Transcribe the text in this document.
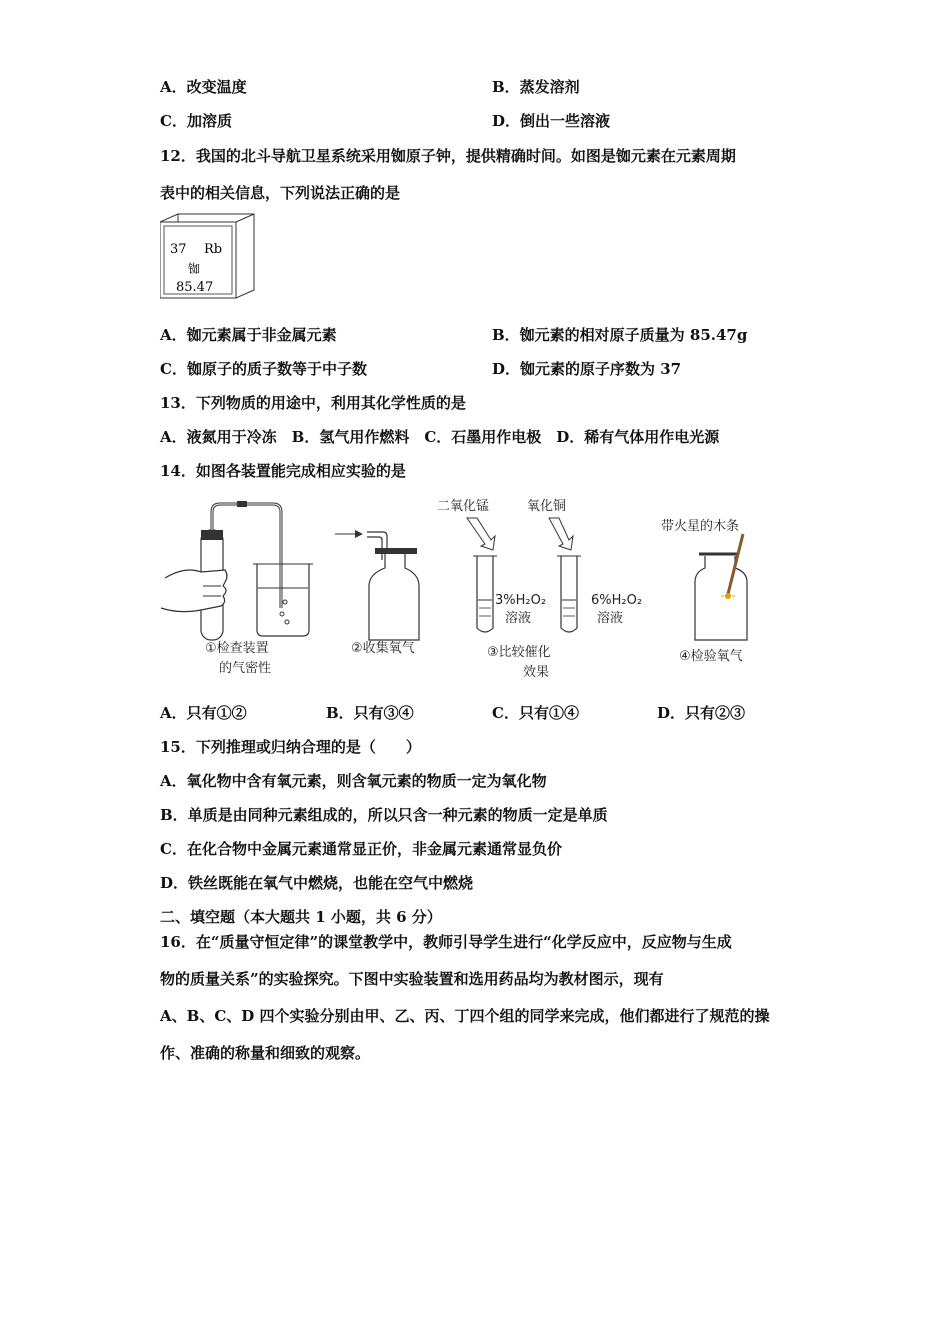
A．改变温度	B．蒸发溶剂
C．加溶质	D．倒出一些溶液
12．我国的北斗导航卫星系统采用铷原子钟，提供精确时间。如图是铷元素在元素周期
表中的相关信息，下列说法正确的是
37 Rb
铷
85.47
A．铷元素属于非金属元素	B．铷元素的相对原子质量为 85.47g
C．铷原子的质子数等于中子数	D．铷元素的原子序数为 37
13．下列物质的用途中，利用其化学性质的是
A．液氮用于冷冻　B．氢气用作燃料　C．石墨用作电极　D．稀有气体用作电光源
14．如图各装置能完成相应实验的是
①检查装置
的气密性
②收集氧气
二氧化锰	氧化铜
3%H₂O₂
溶液
6%H₂O₂
溶液
③比较催化
效果
带火星的木条
④检验氧气
A．只有①②	B．只有③④	C．只有①④	D．只有②③
15．下列推理或归纳合理的是（　　）
A．氧化物中含有氧元素，则含氧元素的物质一定为氧化物
B．单质是由同种元素组成的，所以只含一种元素的物质一定是单质
C．在化合物中金属元素通常显正价，非金属元素通常显负价
D．铁丝既能在氧气中燃烧，也能在空气中燃烧
二、填空题（本大题共 1 小题，共 6 分）
16．在“质量守恒定律”的课堂教学中，教师引导学生进行“化学反应中，反应物与生成
物的质量关系”的实验探究。下图中实验装置和选用药品均为教材图示，现有
A、B、C、D 四个实验分别由甲、乙、丙、丁四个组的同学来完成，他们都进行了规范的操
作、准确的称量和细致的观察。
